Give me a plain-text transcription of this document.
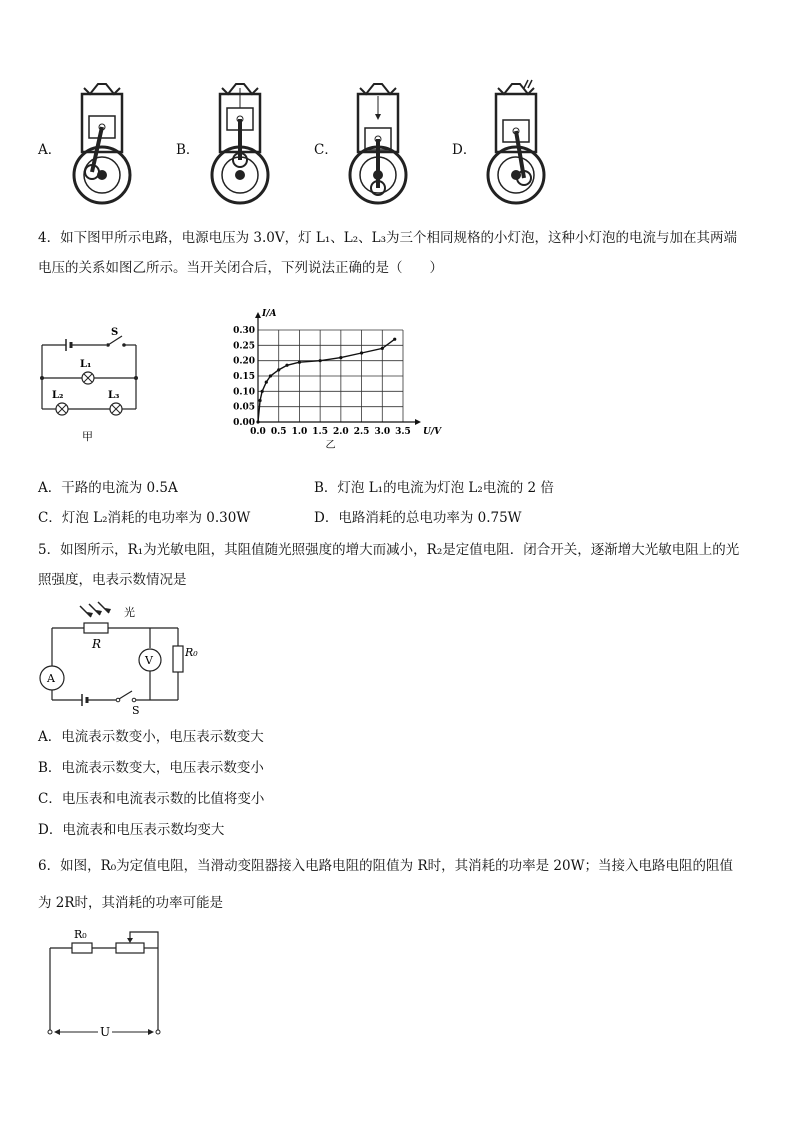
A．	B．	C．	D．
4．如下图甲所示电路，电源电压为 3.0V，灯 L₁、L₂、L₃为三个相同规格的小灯泡，这种小灯泡的电流与加在其两端
电压的关系如图乙所示。当开关闭合后，下列说法正确的是（　　）
S
L₁
L₂	L₃
甲	0.0 0.5 1.0 1.5 2.0 2.5 3.0 3.5
0.00
0.05
0.10
0.15
0.20
0.25
0.30
U/V
I/A
乙
A．干路的电流为 0.5A	B．灯泡 L₁的电流为灯泡 L₂电流的 2 倍
C．灯泡 L₂消耗的电功率为 0.30W	D．电路消耗的总电功率为 0.75W
5．如图所示，R₁为光敏电阻，其阻值随光照强度的增大而减小，R₂是定值电阻．闭合开关，逐渐增大光敏电阻上的光
照强度，电表示数情况是
光
R
R₀
V
A
S
A．电流表示数变小，电压表示数变大
B．电流表示数变大，电压表示数变小
C．电压表和电流表示数的比值将变小
D．电流表和电压表示数均变大
6．如图，R₀为定值电阻，当滑动变阻器接入电路电阻的阻值为 R时，其消耗的功率是 20W；当接入电路电阻的阻值
为 2R时，其消耗的功率可能是
R₀
U
